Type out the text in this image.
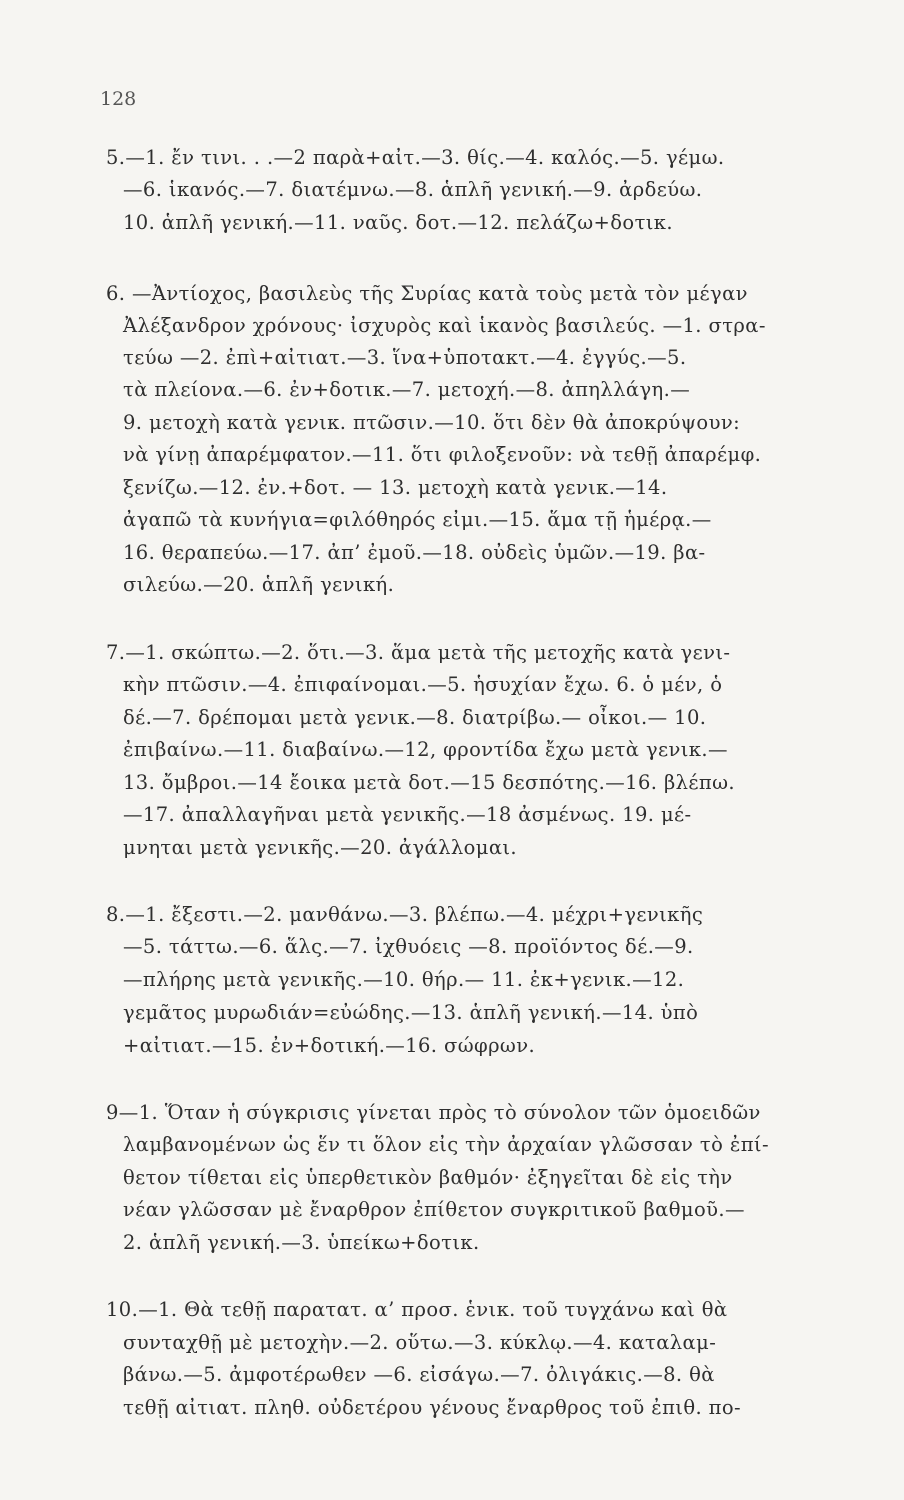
128
5.—1. ἔν τινι. . .—2 παρὰ+αἰτ.—3. θίς.—4. καλός.—5. γέμω.
—6. ἱκανός.—7. διατέμνω.—8. ἁπλῆ γενική.—9. ἀρδεύω.
10. ἁπλῆ γενική.—11. ναῦς. δοτ.—12. πελάζω+δοτικ.
6. —Ἀντίοχος, βασιλεὺς τῆς Συρίας κατὰ τοὺς μετὰ τὸν μέγαν
Ἀλέξανδρον χρόνους· ἰσχυρὸς καὶ ἱκανὸς βασιλεύς. —1. στρα-
τεύω —2. ἐπὶ+αἰτιατ.—3. ἵνα+ὑποτακτ.—4. ἐγγύς.—5.
τὰ πλείονα.—6. ἐν+δοτικ.—7. μετοχή.—8. ἀπηλλάγη.—
9. μετοχὴ κατὰ γενικ. πτῶσιν.—10. ὅτι δὲν θὰ ἀποκρύψουν:
νὰ γίνῃ ἀπαρέμφατον.—11. ὅτι φιλοξενοῦν: νὰ τεθῇ ἀπαρέμφ.
ξενίζω.—12. ἐν.+δοτ. — 13. μετοχὴ κατὰ γενικ.—14.
ἀγαπῶ τὰ κυνήγια=φιλόθηρός εἰμι.—15. ἅμα τῇ ἡμέρᾳ.—
16. θεραπεύω.—17. ἀπ’ ἐμοῦ.—18. οὐδεὶς ὑμῶν.—19. βα-
σιλεύω.—20. ἁπλῆ γενική.
7.—1. σκώπτω.—2. ὅτι.—3. ἅμα μετὰ τῆς μετοχῆς κατὰ γενι-
κὴν πτῶσιν.—4. ἐπιφαίνομαι.—5. ἡσυχίαν ἔχω. 6. ὁ μέν, ὁ
δέ.—7. δρέπομαι μετὰ γενικ.—8. διατρίβω.— οἶκοι.— 10.
ἐπιβαίνω.—11. διαβαίνω.—12, φροντίδα ἔχω μετὰ γενικ.—
13. ὄμβροι.—14 ἔοικα μετὰ δοτ.—15 δεσπότης.—16. βλέπω.
—17. ἀπαλλαγῆναι μετὰ γενικῆς.—18 ἀσμένως. 19. μέ-
μνηται μετὰ γενικῆς.—20. ἀγάλλομαι.
8.—1. ἔξεστι.—2. μανθάνω.—3. βλέπω.—4. μέχρι+γενικῆς
—5. τάττω.—6. ἅλς.—7. ἰχθυόεις —8. προϊόντος δέ.—9.
—πλήρης μετὰ γενικῆς.—10. θήρ.— 11. ἐκ+γενικ.—12.
γεμᾶτος μυρωδιάν=εὐώδης.—13. ἁπλῆ γενική.—14. ὑπὸ
+αἰτιατ.—15. ἐν+δοτική.—16. σώφρων.
9—1. Ὅταν ἡ σύγκρισις γίνεται πρὸς τὸ σύνολον τῶν ὁμοειδῶν
λαμβανομένων ὡς ἕν τι ὅλον εἰς τὴν ἀρχαίαν γλῶσσαν τὸ ἐπί-
θετον τίθεται εἰς ὑπερθετικὸν βαθμόν· ἐξηγεῖται δὲ εἰς τὴν
νέαν γλῶσσαν μὲ ἔναρθρον ἐπίθετον συγκριτικοῦ βαθμοῦ.—
2. ἁπλῆ γενική.—3. ὑπείκω+δοτικ.
10.—1. Θὰ τεθῇ παρατατ. α’ προσ. ἑνικ. τοῦ τυγχάνω καὶ θὰ
συνταχθῇ μὲ μετοχὴν.—2. οὕτω.—3. κύκλῳ.—4. καταλαμ-
βάνω.—5. ἀμφοτέρωθεν —6. εἰσάγω.—7. ὀλιγάκις.—8. θὰ
τεθῇ αἰτιατ. πληθ. οὐδετέρου γένους ἔναρθρος τοῦ ἐπιθ. πο-
